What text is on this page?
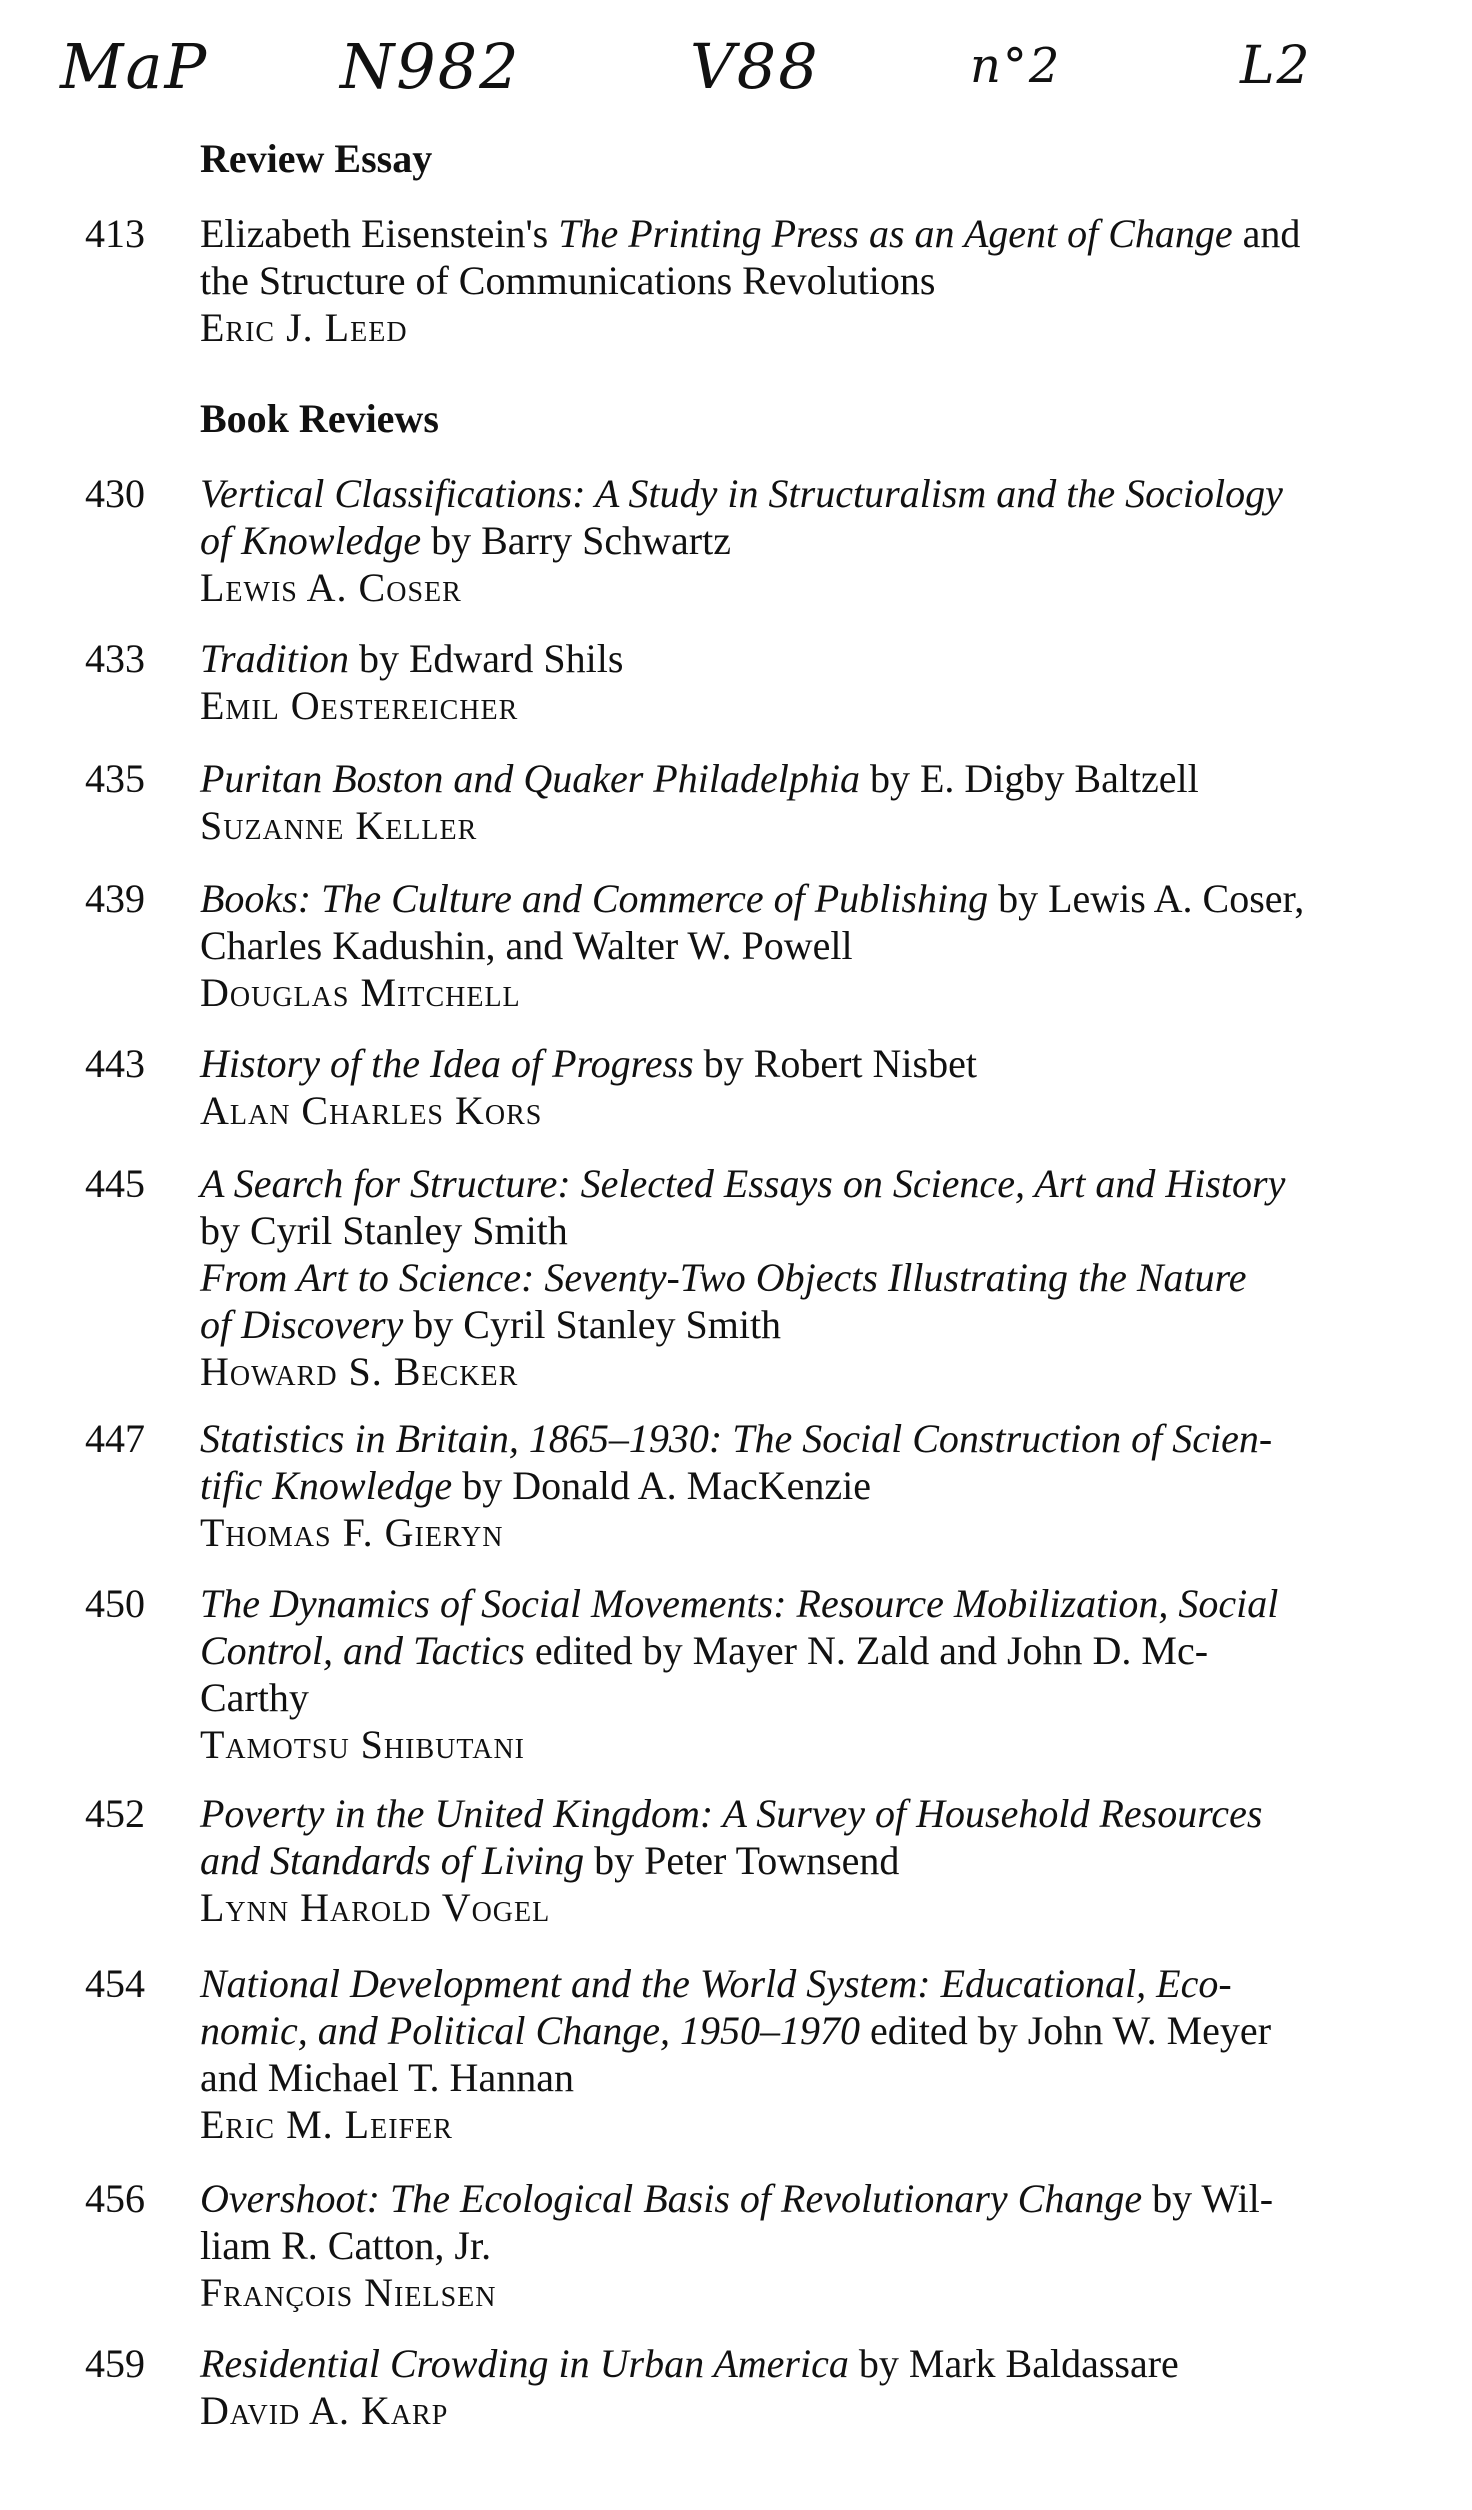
MaP N982	V88	n°2	L2
Review Essay
413	Elizabeth Eisenstein's The Printing Press as an Agent of Change and
the Structure of Communications Revolutions
Eric J. Leed
Book Reviews
430	Vertical Classifications: A Study in Structuralism and the Sociology
of Knowledge by Barry Schwartz
Lewis A. Coser
433	Tradition by Edward Shils
Emil Oestereicher
435	Puritan Boston and Quaker Philadelphia by E. Digby Baltzell
Suzanne Keller
439	Books: The Culture and Commerce of Publishing by Lewis A. Coser,
Charles Kadushin, and Walter W. Powell
Douglas Mitchell
443	History of the Idea of Progress by Robert Nisbet
Alan Charles Kors
445	A Search for Structure: Selected Essays on Science, Art and History
by Cyril Stanley Smith
From Art to Science: Seventy-Two Objects Illustrating the Nature
of Discovery by Cyril Stanley Smith
Howard S. Becker
447	Statistics in Britain, 1865–1930: The Social Construction of Scien-
tific Knowledge by Donald A. MacKenzie
Thomas F. Gieryn
450	The Dynamics of Social Movements: Resource Mobilization, Social
Control, and Tactics edited by Mayer N. Zald and John D. Mc-
Carthy
Tamotsu Shibutani
452	Poverty in the United Kingdom: A Survey of Household Resources
and Standards of Living by Peter Townsend
Lynn Harold Vogel
454	National Development and the World System: Educational, Eco-
nomic, and Political Change, 1950–1970 edited by John W. Meyer
and Michael T. Hannan
Eric M. Leifer
456	Overshoot: The Ecological Basis of Revolutionary Change by Wil-
liam R. Catton, Jr.
François Nielsen
459	Residential Crowding in Urban America by Mark Baldassare
David A. Karp
